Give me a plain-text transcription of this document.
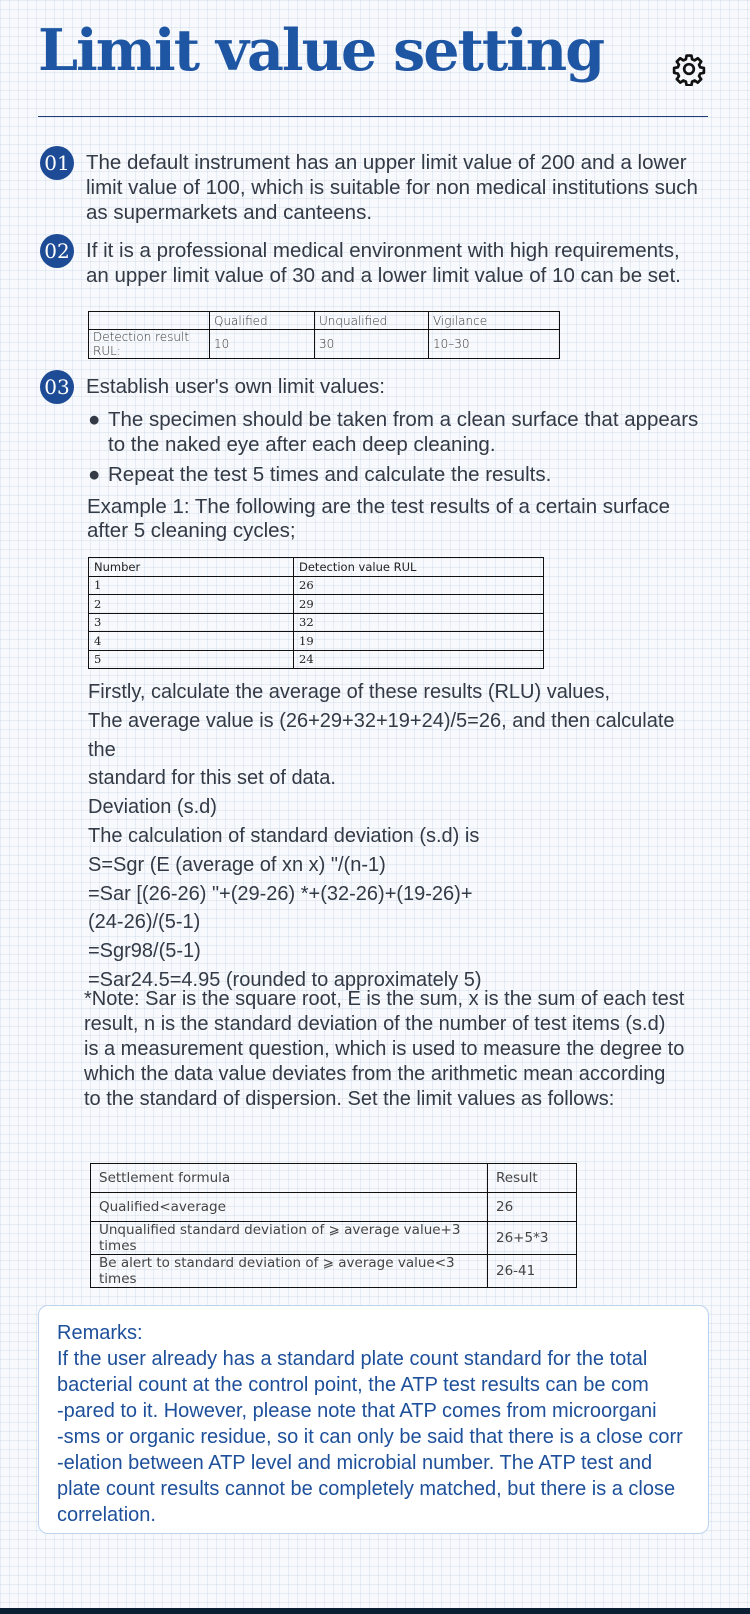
Limit value setting
01 The default instrument has an upper limit value of 200 and a lower
limit value of 100, which is suitable for non medical institutions such
as supermarkets and canteens.
02 If it is a professional medical environment with high requirements,
an upper limit value of 30 and a lower limit value of 10 can be set.
	Qualified	Unqualified	Vigilance
Detection result RUL:	10	30	10–30
03 Establish user's own limit values:
● The specimen should be taken from a clean surface that appears
to the naked eye after each deep cleaning.
● Repeat the test 5 times and calculate the results.
Example 1: The following are the test results of a certain surface
after 5 cleaning cycles;
Number	Detection value RUL
1	26
2	29
3	32
4	19
5	24
Firstly, calculate the average of these results (RLU) values,
The average value is (26+29+32+19+24)/5=26, and then calculate the
standard for this set of data.
Deviation (s.d)
The calculation of standard deviation (s.d) is
S=Sgr (E (average of xn x) "/(n-1)
=Sar [(26-26) "+(29-26) *+(32-26)+(19-26)+
(24-26)/(5-1)
=Sgr98/(5-1)
=Sar24.5=4.95 (rounded to approximately 5)
*Note: Sar is the square root, E is the sum, x is the sum of each test
result, n is the standard deviation of the number of test items (s.d)
is a measurement question, which is used to measure the degree to
which the data value deviates from the arithmetic mean according
to the standard of dispersion. Set the limit values as follows:
Settlement formula	Result
Qualified<average	26
Unqualified standard deviation of ⩾ average value+3 times	26+5*3
Be alert to standard deviation of ⩾ average value<3 times	26-41
Remarks:
If the user already has a standard plate count standard for the total
bacterial count at the control point, the ATP test results can be com
-pared to it. However, please note that ATP comes from microorgani
-sms or organic residue, so it can only be said that there is a close corr
-elation between ATP level and microbial number. The ATP test and
plate count results cannot be completely matched, but there is a close
correlation.
